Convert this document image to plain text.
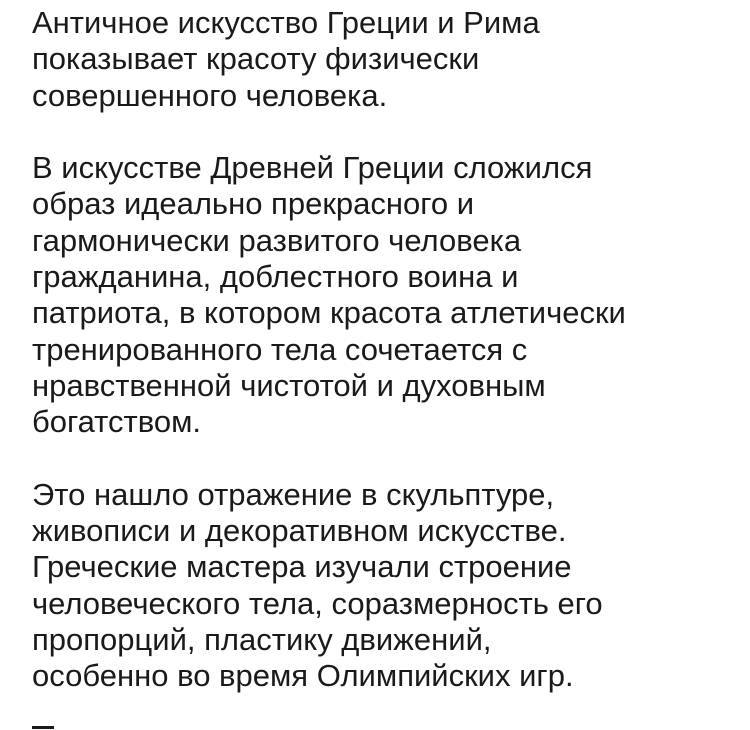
Античное искусство Греции и Рима
показывает красоту физически
совершенного человека.
В искусстве Древней Греции сложился
образ идеально прекрасного и
гармонически развитого человека
гражданина, доблестного воина и
патриота, в котором красота атлетически
тренированного тела сочетается с
нравственной чистотой и духовным
богатством.
Это нашло отражение в скульптуре,
живописи и декоративном искусстве.
Греческие мастера изучали строение
человеческого тела, соразмерность его
пропорций, пластику движений,
особенно во время Олимпийских игр.
